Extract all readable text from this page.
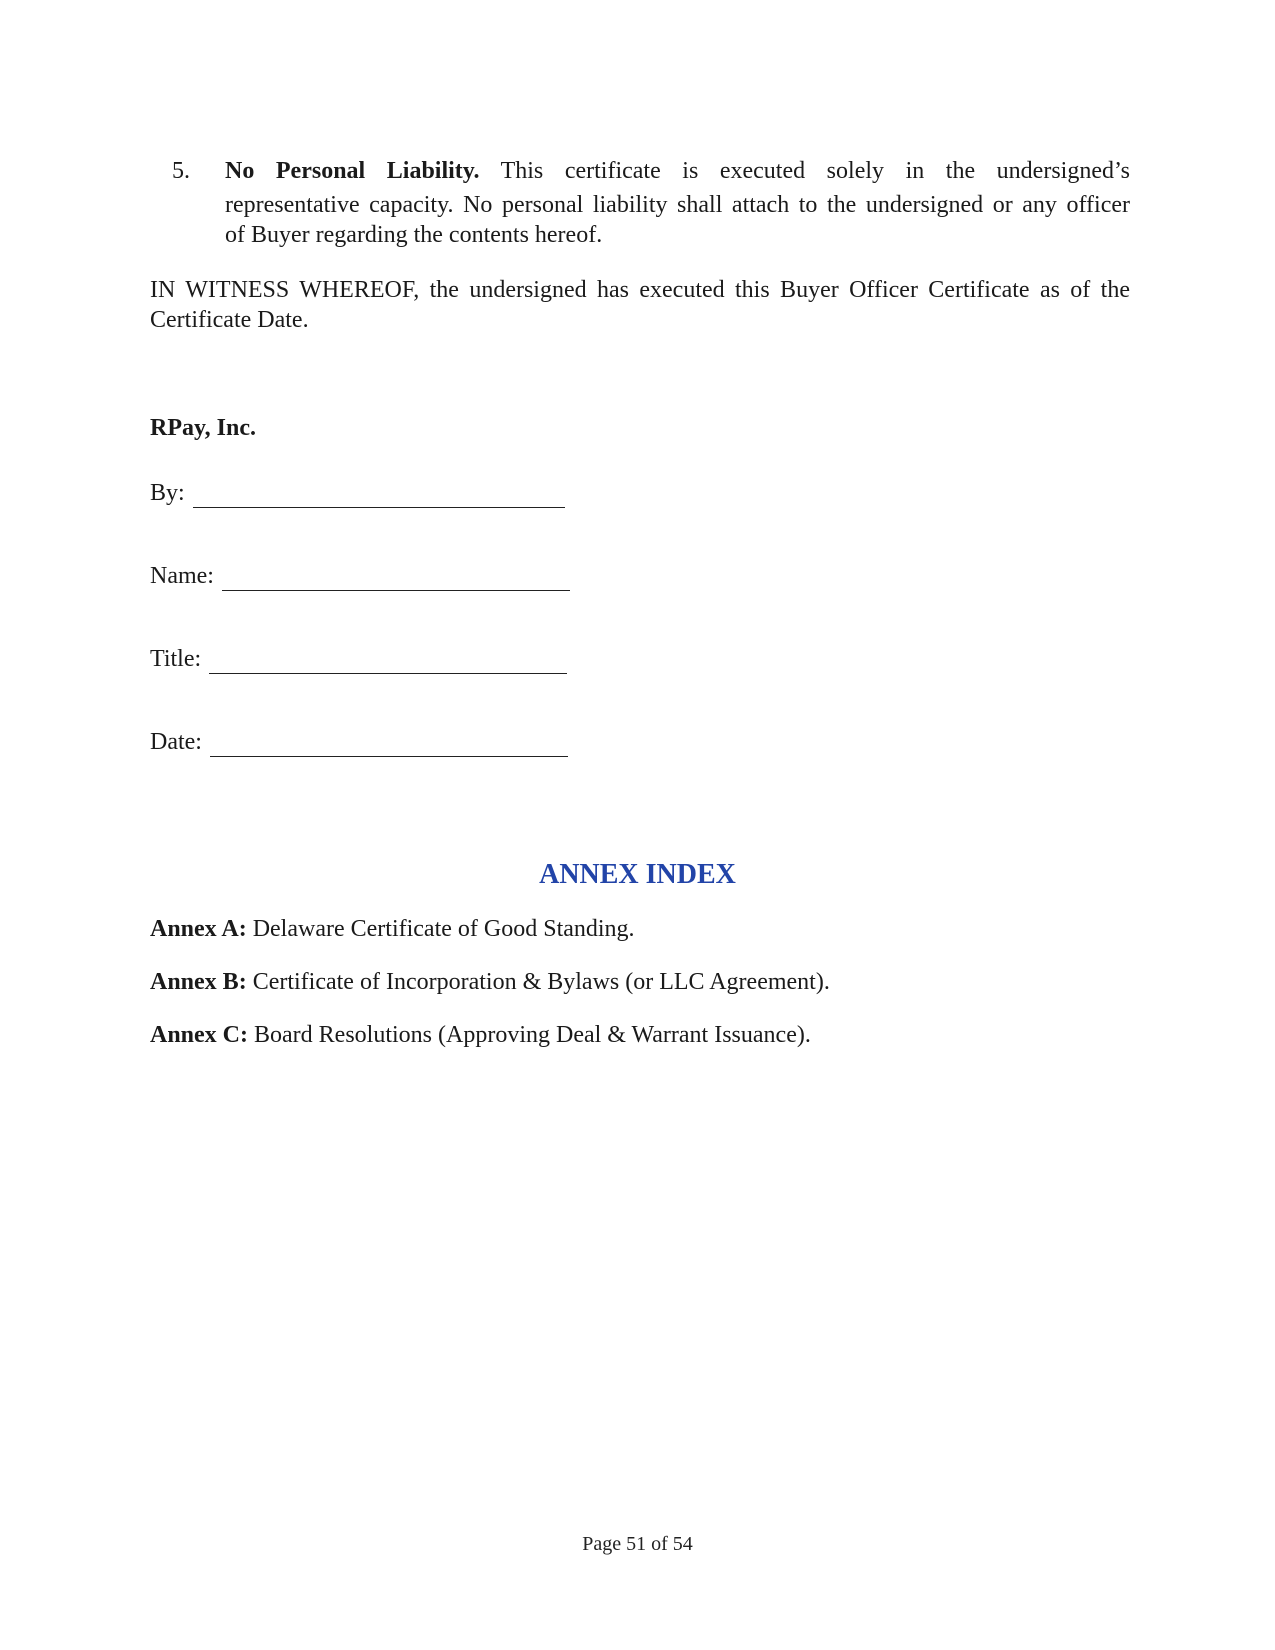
5. No Personal Liability. This certificate is executed solely in the undersigned’s
representative capacity. No personal liability shall attach to the undersigned or any officer
of Buyer regarding the contents hereof.
IN WITNESS WHEREOF, the undersigned has executed this Buyer Officer Certificate as of the
Certificate Date.
RPay, Inc.
By:
Name:
Title:
Date:
ANNEX INDEX
Annex A: Delaware Certificate of Good Standing.
Annex B: Certificate of Incorporation & Bylaws (or LLC Agreement).
Annex C: Board Resolutions (Approving Deal & Warrant Issuance).
Page 51 of 54
